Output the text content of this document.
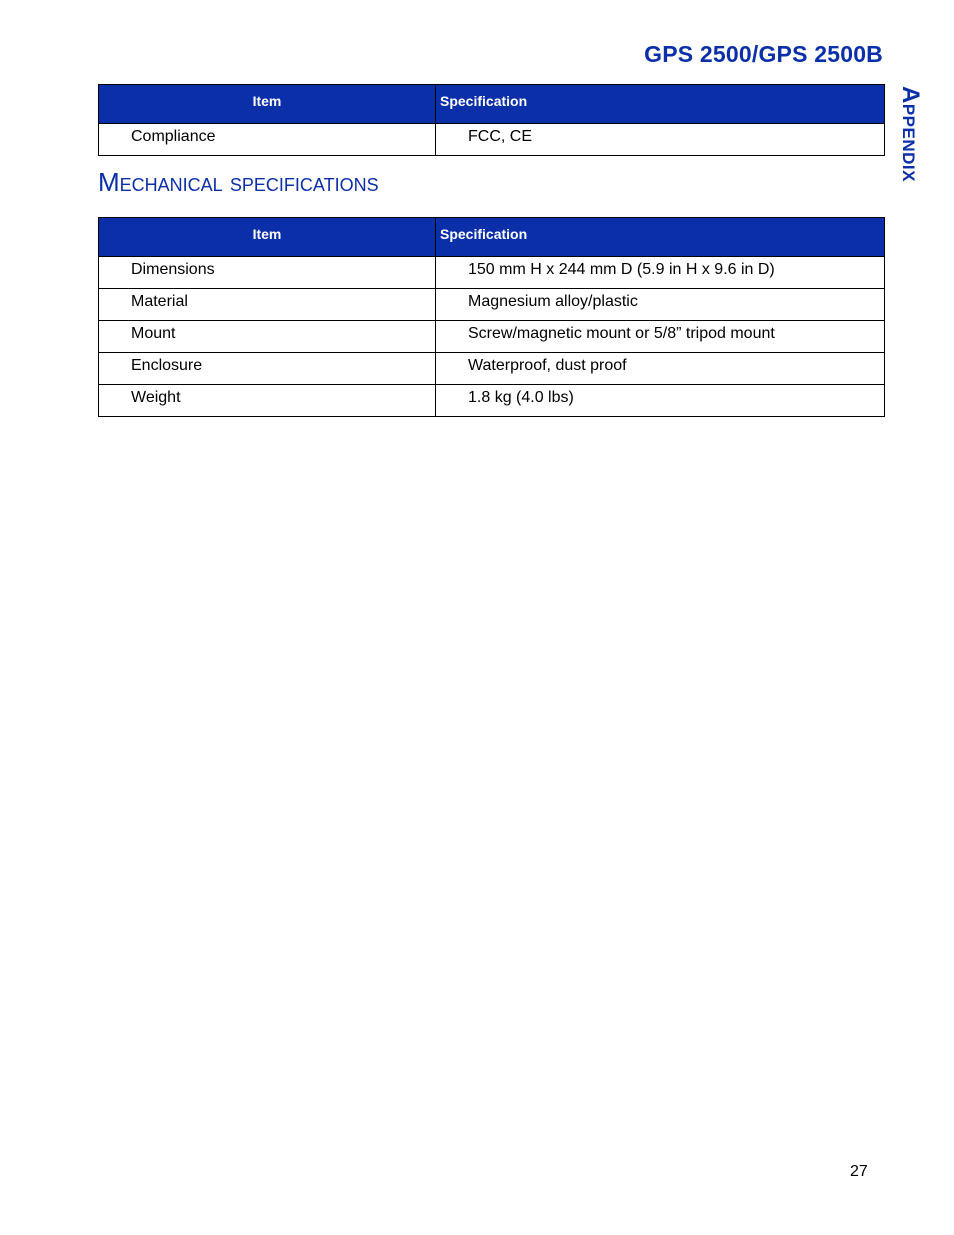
GPS 2500/GPS 2500B
Appendix
Item	Specification
Compliance	FCC, CE
Mechanical specifications
Item	Specification
Dimensions	150 mm H x 244 mm D (5.9 in H x 9.6 in D)
Material	Magnesium alloy/plastic
Mount	Screw/magnetic mount or 5/8” tripod mount
Enclosure	Waterproof, dust proof
Weight	1.8 kg (4.0 lbs)
27
